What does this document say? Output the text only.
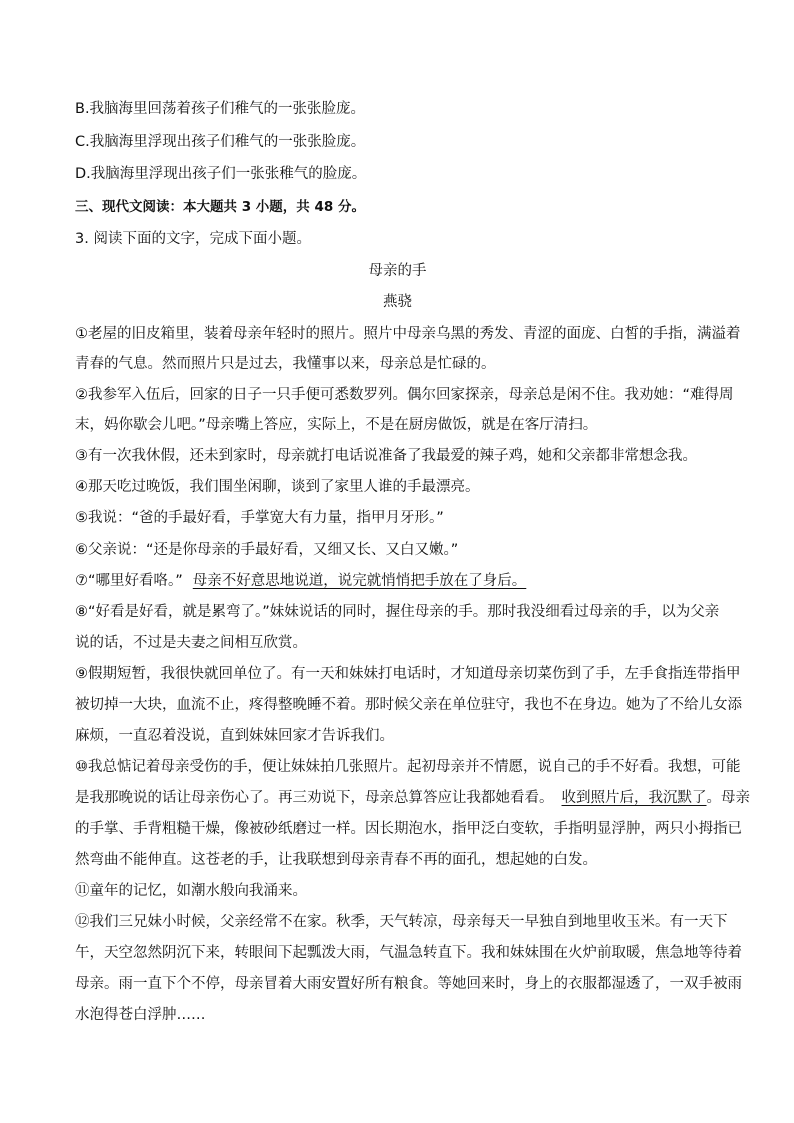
B.我脑海里回荡着孩子们稚气的一张张脸庞。
C.我脑海里浮现出孩子们稚气的一张张脸庞。
D.我脑海里浮现出孩子们一张张稚气的脸庞。
三、现代文阅读：本大题共 3 小题，共 48 分。
3. 阅读下面的文字，完成下面小题。
母亲的手
燕骁
①老屋的旧皮箱里，装着母亲年轻时的照片。照片中母亲乌黑的秀发、青涩的面庞、白皙的手指，满溢着
青春的气息。然而照片只是过去，我懂事以来，母亲总是忙碌的。
②我参军入伍后，回家的日子一只手便可悉数罗列。偶尔回家探亲，母亲总是闲不住。我劝她：“难得周
末，妈你歇会儿吧。”母亲嘴上答应，实际上，不是在厨房做饭，就是在客厅清扫。
③有一次我休假，还未到家时，母亲就打电话说准备了我最爱的辣子鸡，她和父亲都非常想念我。
④那天吃过晚饭，我们围坐闲聊，谈到了家里人谁的手最漂亮。
⑤我说：“爸的手最好看，手掌宽大有力量，指甲月牙形。”
⑥父亲说：“还是你母亲的手最好看，又细又长、又白又嫩。”
⑦“哪里好看咯。” 母亲不好意思地说道，说完就悄悄把手放在了身后。
⑧“好看是好看，就是累弯了。”妹妹说话的同时，握住母亲的手。那时我没细看过母亲的手，以为父亲
说的话，不过是夫妻之间相互欣赏。
⑨假期短暂，我很快就回单位了。有一天和妹妹打电话时，才知道母亲切菜伤到了手，左手食指连带指甲
被切掉一大块，血流不止，疼得整晚睡不着。那时候父亲在单位驻守，我也不在身边。她为了不给儿女添
麻烦，一直忍着没说，直到妹妹回家才告诉我们。
⑩我总惦记着母亲受伤的手，便让妹妹拍几张照片。起初母亲并不情愿，说自己的手不好看。我想，可能
是我那晚说的话让母亲伤心了。再三劝说下，母亲总算答应让我都她看看。 收到照片后，我沉默了。母亲
的手掌、手背粗糙干燥，像被砂纸磨过一样。因长期泡水，指甲泛白变软，手指明显浮肿，两只小拇指已
然弯曲不能伸直。这苍老的手，让我联想到母亲青春不再的面孔，想起她的白发。
⑪童年的记忆，如潮水般向我涌来。
⑫我们三兄妹小时候，父亲经常不在家。秋季，天气转凉，母亲每天一早独自到地里收玉米。有一天下
午，天空忽然阴沉下来，转眼间下起瓢泼大雨，气温急转直下。我和妹妹围在火炉前取暖，焦急地等待着
母亲。雨一直下个不停，母亲冒着大雨安置好所有粮食。等她回来时，身上的衣服都湿透了，一双手被雨
水泡得苍白浮肿……
